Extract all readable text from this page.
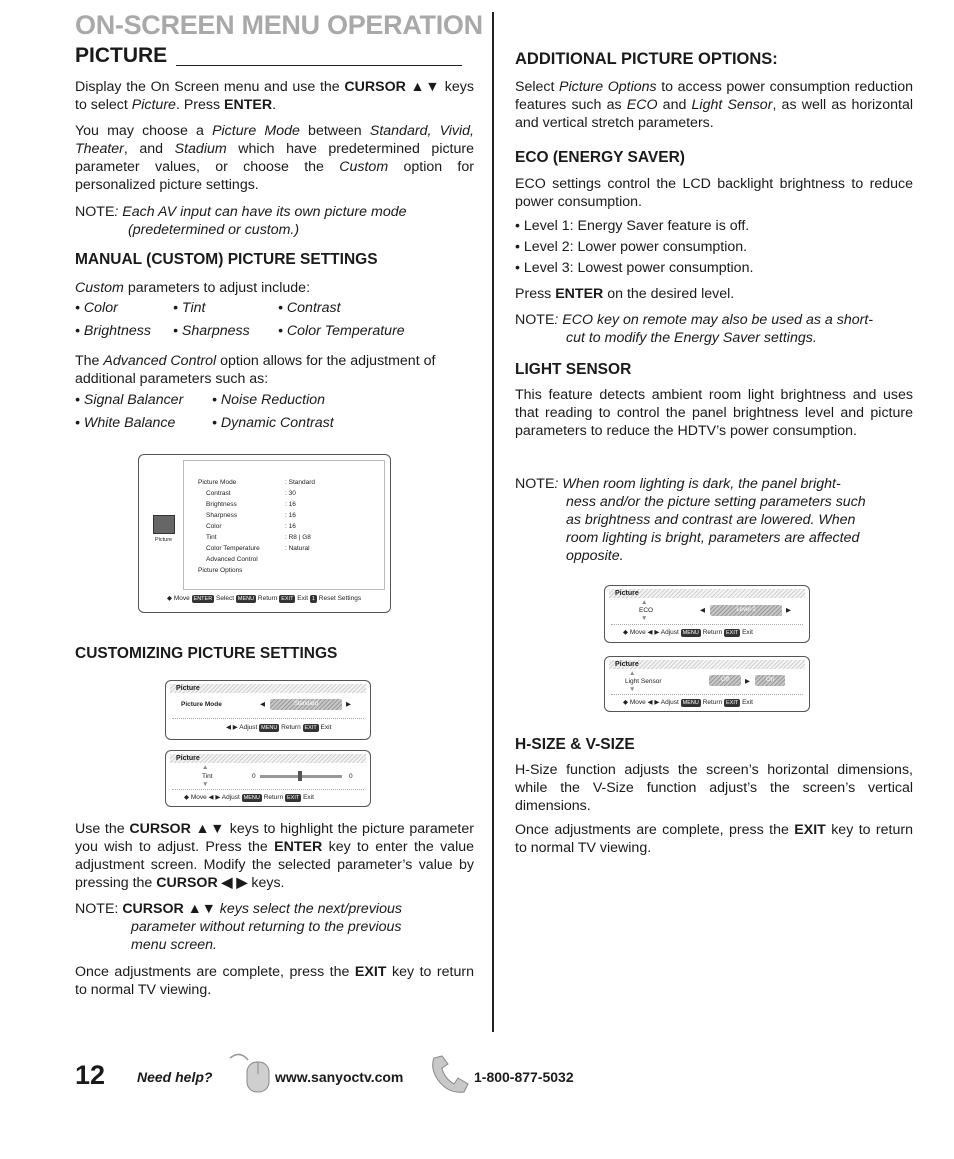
ON-SCREEN MENU OPERATION
PICTURE

Display the On Screen menu and use the CURSOR ▲▼ keys to select Picture. Press ENTER.

You may choose a Picture Mode between Standard, Vivid, Theater, and Stadium which have predetermined picture parameter values, or choose the Custom option for personalized picture settings.

NOTE: Each AV input can have its own picture mode

(predetermined or custom.)

MANUAL (CUSTOM) PICTURE SETTINGS

Custom parameters to adjust include:

• Color	• Tint	• Contrast
• Brightness • Sharpness • Color Temperature

The Advanced Control option allows for the adjustment of additional parameters such as:

• Signal Balancer • Noise Reduction
• White Balance	• Dynamic Contrast
Picture
Picture Mode	: Standard
Contrast	: 30
Brightness	: 16
Sharpness	: 16
Color	: 16
Tint	: R8 | G8
Color Temperature	: Natural
Advanced Control
Picture Options
◆ Move ENTER Select MENU Return EXIT Exit 1 Reset Settings
CUSTOMIZING PICTURE SETTINGS
Picture
Picture Mode	◀	Standard	▶
◀ ▶ Adjust MENU Return EXIT Exit
Picture
▲
Tint
▼
0	0
◆ Move ◀ ▶ Adjust MENU Return EXIT Exit

Use the CURSOR ▲▼ keys to highlight the picture parameter you wish to adjust. Press the ENTER key to enter the value adjustment screen. Modify the selected parameter’s value by pressing the CURSOR ◀ ▶ keys.

NOTE: CURSOR ▲▼ keys select the next/previous

parameter without returning to the previous

menu screen.

Once adjustments are complete, press the EXIT key to return to normal TV viewing.

ADDITIONAL PICTURE OPTIONS:

Select Picture Options to access power consumption reduction features such as ECO and Light Sensor, as well as horizontal and vertical stretch parameters.

ECO (ENERGY SAVER)

ECO settings control the LCD backlight brightness to reduce power consumption.

• Level 1: Energy Saver feature is off.

• Level 2: Lower power consumption.

• Level 3: Lowest power consumption.

Press ENTER on the desired level.

NOTE: ECO key on remote may also be used as a short-

cut to modify the Energy Saver settings.

LIGHT SENSOR

This feature detects ambient room light brightness and uses that reading to control the panel brightness level and picture parameters to reduce the HDTV’s power consumption.

NOTE: When room lighting is dark, the panel bright-

ness and/or the picture setting parameters such

as brightness and contrast are lowered. When

room lighting is bright, parameters are affected

opposite.

Picture
▲
ECO
▼
◀	Level 2	▶
◆ Move ◀ ▶ Adjust MENU Return EXIT Exit
Picture
▲
Light Sensor
▼
Off	▶	On
◆ Move ◀ ▶ Adjust MENU Return EXIT Exit
H-SIZE & V-SIZE

H-Size function adjusts the screen’s horizontal dimensions, while the V-Size function adjust’s the screen’s vertical dimensions.

Once adjustments are complete, press the EXIT key to return to normal TV viewing.

12 Need help?	www.sanyoctv.com	1-800-877-5032
